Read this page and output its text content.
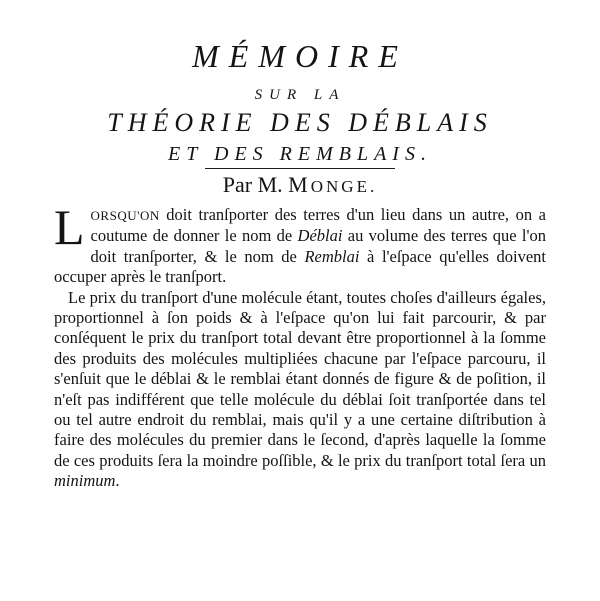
MÉMOIRE
SUR LA
THÉORIE DES DÉBLAIS
ET DES REMBLAIS.
Par M. MONGE.

LORSQU'ON doit tranſporter des terres d'un lieu dans un autre, on a coutume de donner le nom de Déblai au volume des terres que l'on doit tranſporter, & le nom de Remblai à l'eſpace qu'elles doivent occuper après le tranſport.

Le prix du tranſport d'une molécule étant, toutes choſes d'ailleurs égales, proportionnel à ſon poids & à l'eſpace qu'on lui fait parcourir, & par conſéquent le prix du tranſport total devant être proportionnel à la ſomme des produits des molécules multipliées chacune par l'eſpace parcouru, il s'enſuit que le déblai & le remblai étant donnés de figure & de poſition, il n'eſt pas indifférent que telle molécule du déblai ſoit tranſportée dans tel ou tel autre endroit du remblai, mais qu'il y a une certaine diſtribution à faire des molécules du premier dans le ſecond, d'après laquelle la ſomme de ces produits ſera la moindre poſſible, & le prix du tranſport total ſera un minimum.
